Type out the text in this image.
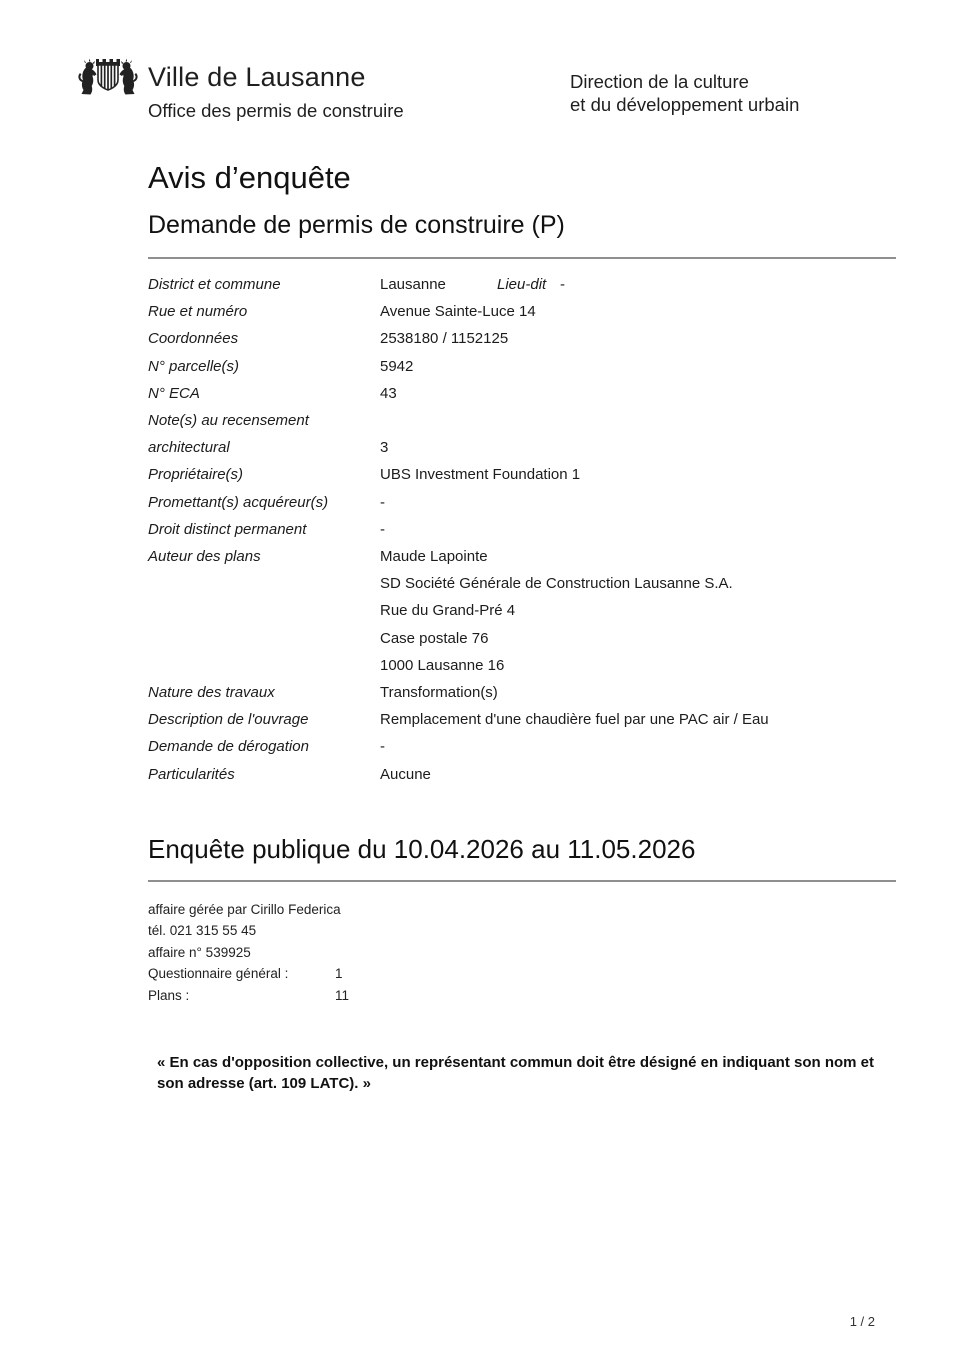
Ville de Lausanne
Office des permis de construire
Direction de la culture
et du développement urbain
Avis d’enquête
Demande de permis de construire (P)
District et commune	Lausanne	Lieu-dit -
Rue et numéro	Avenue Sainte-Luce 14
Coordonnées	2538180 / 1152125
N° parcelle(s)	5942
N° ECA	43
Note(s) au recensement architectural	3
Propriétaire(s)	UBS Investment Foundation 1
Promettant(s) acquéreur(s)	-
Droit distinct permanent	-
Auteur des plans	Maude Lapointe
SD Société Générale de Construction Lausanne S.A.
Rue du Grand-Pré 4
Case postale 76
1000 Lausanne 16
Nature des travaux	Transformation(s)
Description de l'ouvrage	Remplacement d'une chaudière fuel par une PAC air / Eau
Demande de dérogation	-
Particularités	Aucune
Enquête publique du 10.04.2026 au 11.05.2026
affaire gérée par Cirillo Federica
tél. 021 315 55 45
affaire n° 539925
Questionnaire général :	1
Plans :	11

« En cas d'opposition collective, un représentant commun doit être désigné en indiquant son nom et son adresse (art. 109 LATC). »

1 / 2
